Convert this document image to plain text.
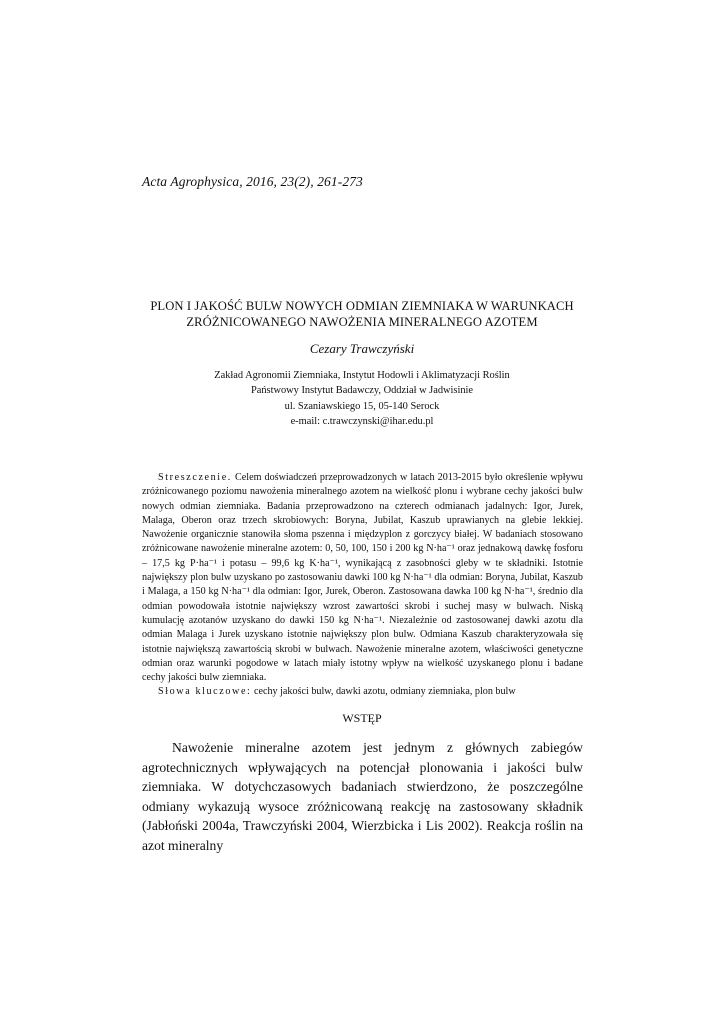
Acta Agrophysica, 2016, 23(2), 261-273
PLON I JAKOŚĆ BULW NOWYCH ODMIAN ZIEMNIAKA W WARUNKACH
ZRÓŻNICOWANEGO NAWOŻENIA MINERALNEGO AZOTEM
Cezary Trawczyński
Zakład Agronomii Ziemniaka, Instytut Hodowli i Aklimatyzacji Roślin
Państwowy Instytut Badawczy, Oddział w Jadwisinie
ul. Szaniawskiego 15, 05-140 Serock
e-mail: c.trawczynski@ihar.edu.pl

Streszczenie. Celem doświadczeń przeprowadzonych w latach 2013-2015 było określenie wpływu zróżnicowanego poziomu nawożenia mineralnego azotem na wielkość plonu i wybrane cechy jakości bulw nowych odmian ziemniaka. Badania przeprowadzono na czterech odmianach jadalnych: Igor, Jurek, Malaga, Oberon oraz trzech skrobiowych: Boryna, Jubilat, Kaszub uprawianych na glebie lekkiej. Nawożenie organicznie stanowiła słoma pszenna i międzyplon z gorczycy białej. W badaniach stosowano zróżnicowane nawożenie mineralne azotem: 0, 50, 100, 150 i 200 kg N·ha⁻¹ oraz jednakową dawkę fosforu – 17,5 kg P·ha⁻¹ i potasu – 99,6 kg K·ha⁻¹, wynikającą z zasobności gleby w te składniki. Istotnie największy plon bulw uzyskano po zastosowaniu dawki 100 kg N·ha⁻¹ dla odmian: Boryna, Jubilat, Kaszub i Malaga, a 150 kg N·ha⁻¹ dla odmian: Igor, Jurek, Oberon. Zastosowana dawka 100 kg N·ha⁻¹, średnio dla odmian powodowała istotnie największy wzrost zawartości skrobi i suchej masy w bulwach. Niską kumulację azotanów uzyskano do dawki 150 kg N·ha⁻¹. Niezależnie od zastosowanej dawki azotu dla odmian Malaga i Jurek uzyskano istotnie największy plon bulw. Odmiana Kaszub charakteryzowała się istotnie największą zawartością skrobi w bulwach. Nawożenie mineralne azotem, właściwości genetyczne odmian oraz warunki pogodowe w latach miały istotny wpływ na wielkość uzyskanego plonu i badane cechy jakości bulw ziemniaka.

Słowa kluczowe: cechy jakości bulw, dawki azotu, odmiany ziemniaka, plon bulw

WSTĘP

Nawożenie mineralne azotem jest jednym z głównych zabiegów agrotechnicznych wpływających na potencjał plonowania i jakości bulw ziemniaka. W dotychczasowych badaniach stwierdzono, że poszczególne odmiany wykazują wysoce zróżnicowaną reakcję na zastosowany składnik (Jabłoński 2004a, Trawczyński 2004, Wierzbicka i Lis 2002). Reakcja roślin na azot mineralny
